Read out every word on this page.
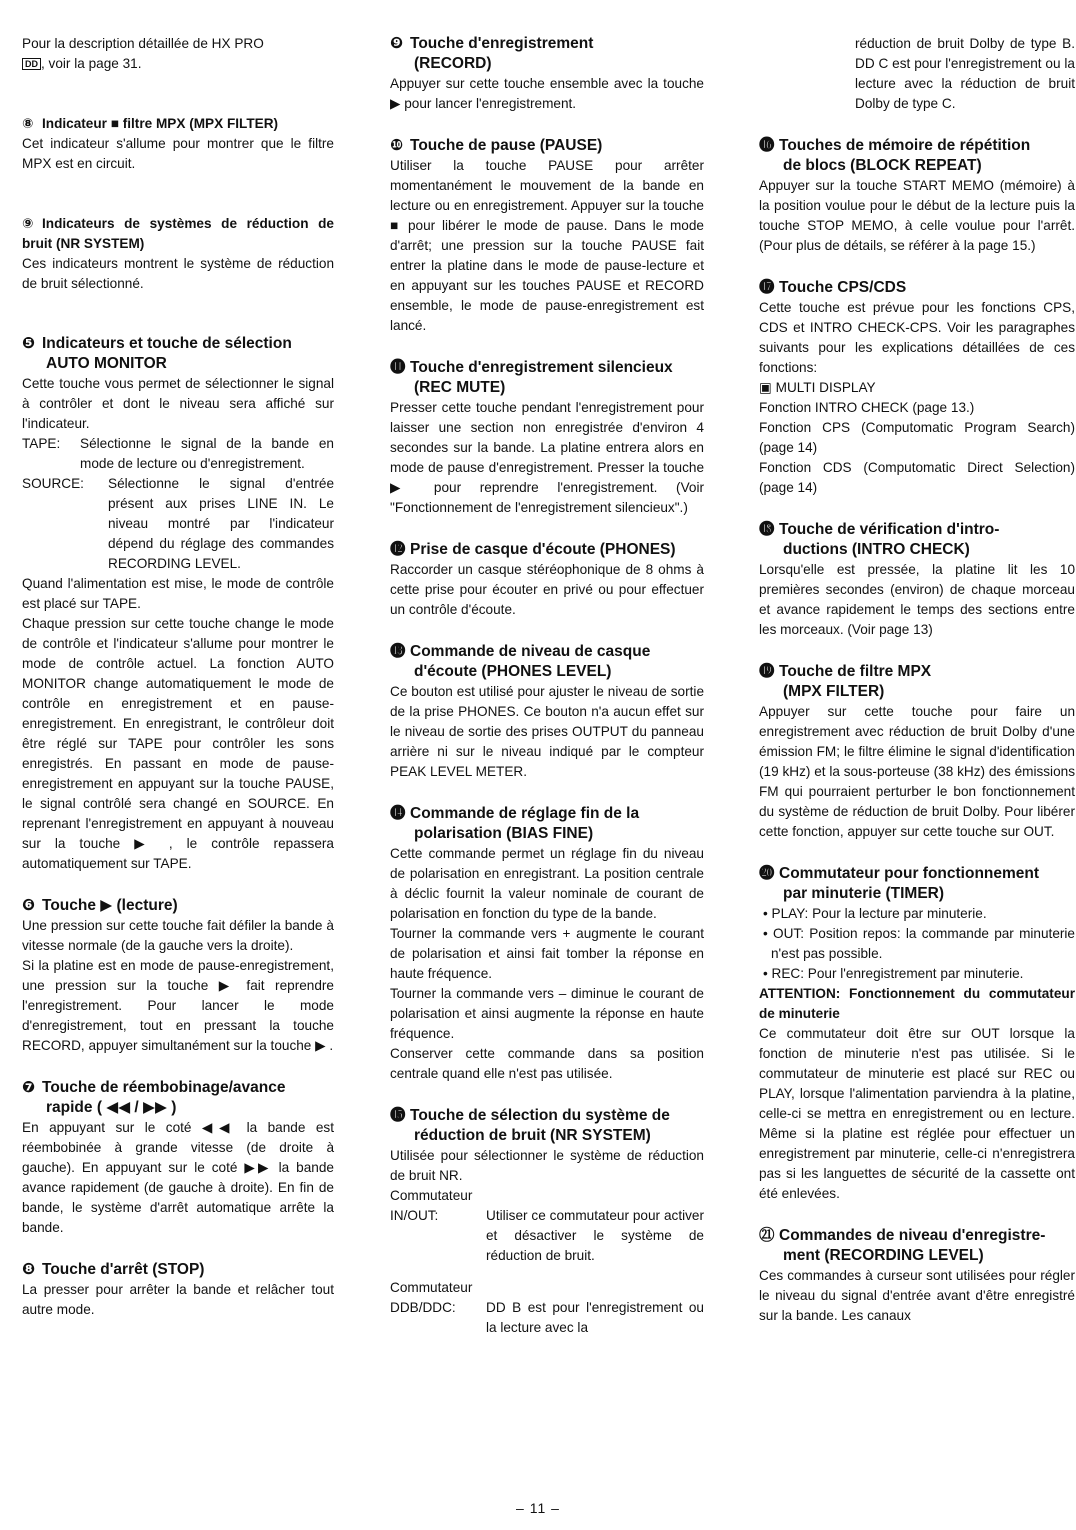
Pour la description détaillée de HX PRO
DD , voir la page 31.

⑧ Indicateur ■ filtre MPX (MPX FILTER)

Cet indicateur s'allume pour montrer que le filtre MPX est en circuit.

⑨ Indicateurs de systèmes de réduction de bruit (NR SYSTEM)

Ces indicateurs montrent le système de réduction de bruit sélectionné.

❺ Indicateurs et touche de sélection
AUTO MONITOR

Cette touche vous permet de sélectionner le signal à contrôler et dont le niveau sera affiché sur l'indicateur.

TAPE:	Sélectionne le signal de la bande en mode de lecture ou d'enregistrement.
SOURCE:	Sélectionne le signal d'entrée présent aux prises LINE IN. Le niveau montré par l'indicateur dépend du réglage des commandes RECORDING LEVEL.

Quand l'alimentation est mise, le mode de contrôle est placé sur TAPE.

Chaque pression sur cette touche change le mode de contrôle et l'indicateur s'allume pour montrer le mode de contrôle actuel. La fonction AUTO MONITOR change automatiquement le mode de contrôle en enregistrement et en pause-enregistrement. En enregistrant, le contrôleur doit être réglé sur TAPE pour contrôler les sons enregistrés. En passant en mode de pause-enregistrement en appuyant sur la touche PAUSE, le signal contrôlé sera changé en SOURCE. En reprenant l'enregistrement en appuyant à nouveau sur la touche ▶ , le contrôle repassera automatiquement sur TAPE.

❻ Touche ▶ (lecture)

Une pression sur cette touche fait défiler la bande à vitesse normale (de la gauche vers la droite).

Si la platine est en mode de pause-enregistrement, une pression sur la touche ▶ fait reprendre l'enregistrement. Pour lancer le mode d'enregistrement, tout en pressant la touche RECORD, appuyer simultanément sur la touche ▶ .

❼ Touche de réembobinage/avance
rapide ( ◀◀ / ▶▶ )

En appuyant sur le coté ◀◀ la bande est réembobinée à grande vitesse (de droite à gauche). En appuyant sur le coté ▶▶ la bande avance rapidement (de gauche à droite). En fin de bande, le système d'arrêt automatique arrête la bande.

❽ Touche d'arrêt (STOP)

La presser pour arrêter la bande et relâcher tout autre mode.

❾ Touche d'enregistrement
(RECORD)

Appuyer sur cette touche ensemble avec la touche ▶ pour lancer l'enregistrement.

❿ Touche de pause (PAUSE)

Utiliser la touche PAUSE pour arrêter momentanément le mouvement de la bande en lecture ou en enregistrement. Appuyer sur la touche ■ pour libérer le mode de pause. Dans le mode d'arrêt; une pression sur la touche PAUSE fait entrer la platine dans le mode de pause-lecture et en appuyant sur les touches PAUSE et RECORD ensemble, le mode de pause-enregistrement est lancé.

⓫ Touche d'enregistrement silencieux
(REC MUTE)

Presser cette touche pendant l'enregistrement pour laisser une section non enregistrée d'environ 4 secondes sur la bande. La platine entrera alors en mode de pause d'enregistrement. Presser la touche ▶ pour reprendre l'enregistrement. (Voir "Fonctionnement de l'enregistrement silencieux".)

⓬ Prise de casque d'écoute (PHONES)

Raccorder un casque stéréophonique de 8 ohms à cette prise pour écouter en privé ou pour effectuer un contrôle d'écoute.

⓭ Commande de niveau de casque
d'écoute (PHONES LEVEL)

Ce bouton est utilisé pour ajuster le niveau de sortie de la prise PHONES. Ce bouton n'a aucun effet sur le niveau de sortie des prises OUTPUT du panneau arrière ni sur le niveau indiqué par le compteur PEAK LEVEL METER.

⓮ Commande de réglage fin de la
polarisation (BIAS FINE)

Cette commande permet un réglage fin du niveau de polarisation en enregistrant. La position centrale à déclic fournit la valeur nominale de courant de polarisation en fonction du type de la bande.

Tourner la commande vers + augmente le courant de polarisation et ainsi fait tomber la réponse en haute fréquence.

Tourner la commande vers – diminue le courant de polarisation et ainsi augmente la réponse en haute fréquence.

Conserver cette commande dans sa position centrale quand elle n'est pas utilisée.

⓯ Touche de sélection du système de
réduction de bruit (NR SYSTEM)

Utilisée pour sélectionner le système de réduction de bruit NR.

Commutateur

IN/OUT:	Utiliser ce commutateur pour activer et désactiver le système de réduction de bruit.

Commutateur

DDB/DDC:	DD B est pour l'enregistrement ou la lecture avec la

réduction de bruit Dolby de type B. DD C est pour l'enregistrement ou la lecture avec la réduction de bruit Dolby de type C.

⓰ Touches de mémoire de répétition
de blocs (BLOCK REPEAT)

Appuyer sur la touche START MEMO (mémoire) à la position voulue pour le début de la lecture puis la touche STOP MEMO, à celle voulue pour l'arrêt. (Pour plus de détails, se référer à la page 15.)

⓱ Touche CPS/CDS

Cette touche est prévue pour les fonctions CPS, CDS et INTRO CHECK-CPS. Voir les paragraphes suivants pour les explications détaillées de ces fonctions:

▣ MULTI DISPLAY

Fonction INTRO CHECK (page 13.)

Fonction CPS (Computomatic Program Search) (page 14)

Fonction CDS (Computomatic Direct Selection) (page 14)

⓲ Touche de vérification d'intro-
ductions (INTRO CHECK)

Lorsqu'elle est pressée, la platine lit les 10 premières secondes (environ) de chaque morceau et avance rapidement le temps des sections entre les morceaux. (Voir page 13)

⓳ Touche de filtre MPX
(MPX FILTER)

Appuyer sur cette touche pour faire un enregistrement avec réduction de bruit Dolby d'une émission FM; le filtre élimine le signal d'identification (19 kHz) et la sous-porteuse (38 kHz) des émissions FM qui pourraient perturber le bon fonctionnement du système de réduction de bruit Dolby. Pour libérer cette fonction, appuyer sur cette touche sur OUT.

⓴ Commutateur pour fonctionnement
par minuterie (TIMER)

• PLAY: Pour la lecture par minuterie.

• OUT: Position repos: la commande par minuterie n'est pas possible.

• REC: Pour l'enregistrement par minuterie.

ATTENTION: Fonctionnement du commutateur de minuterie

Ce commutateur doit être sur OUT lorsque la fonction de minuterie n'est pas utilisée. Si le commutateur de minuterie est placé sur REC ou PLAY, lorsque l'alimentation parviendra à la platine, celle-ci se mettra en enregistrement ou en lecture. Même si la platine est réglée pour effectuer un enregistrement par minuterie, celle-ci n'enregistrera pas si les languettes de sécurité de la cassette ont été enlevées.

㉑ Commandes de niveau d'enregistre-
ment (RECORDING LEVEL)

Ces commandes à curseur sont utilisées pour régler le niveau du signal d'entrée avant d'être enregistré sur la bande. Les canaux

– 11 –
